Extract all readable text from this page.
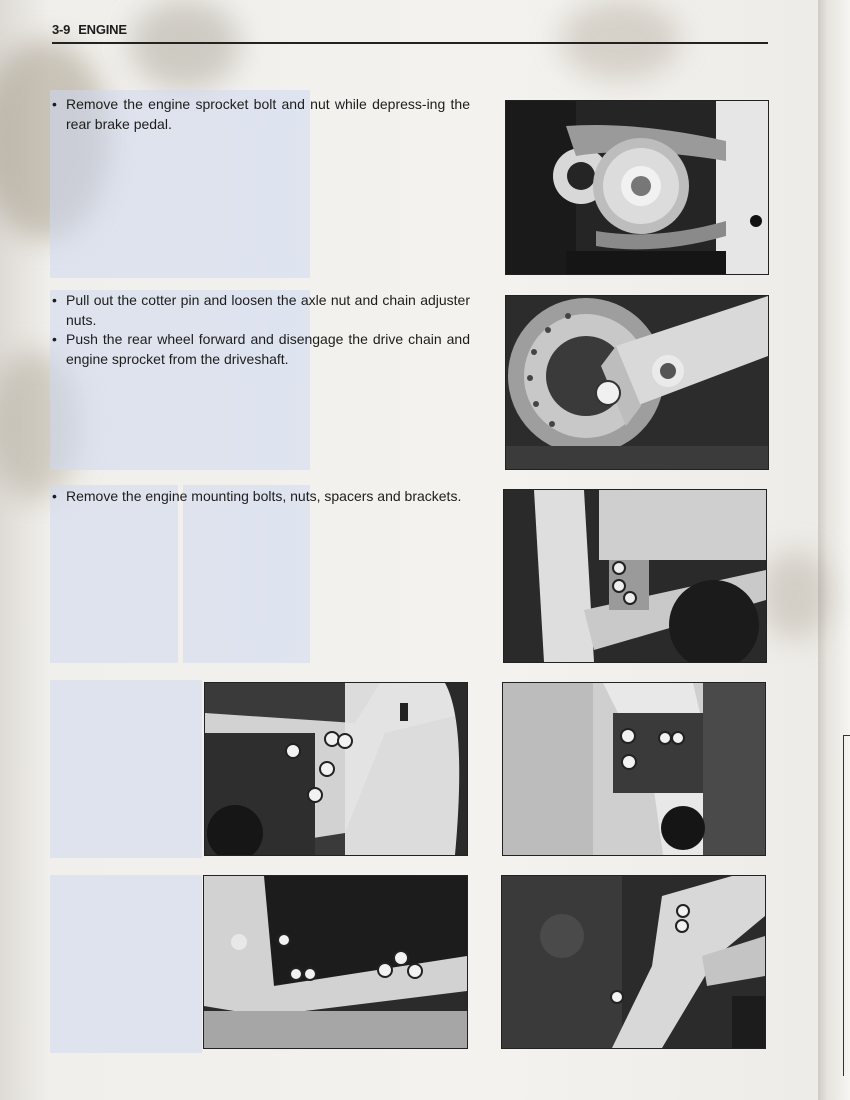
3-9 ENGINE
• Remove the engine sprocket bolt and nut while depress-ing the rear brake pedal.
• Pull out the cotter pin and loosen the axle nut and chain adjuster nuts.
• Push the rear wheel forward and disengage the drive chain and engine sprocket from the driveshaft.
• Remove the engine mounting bolts, nuts, spacers and brackets.
